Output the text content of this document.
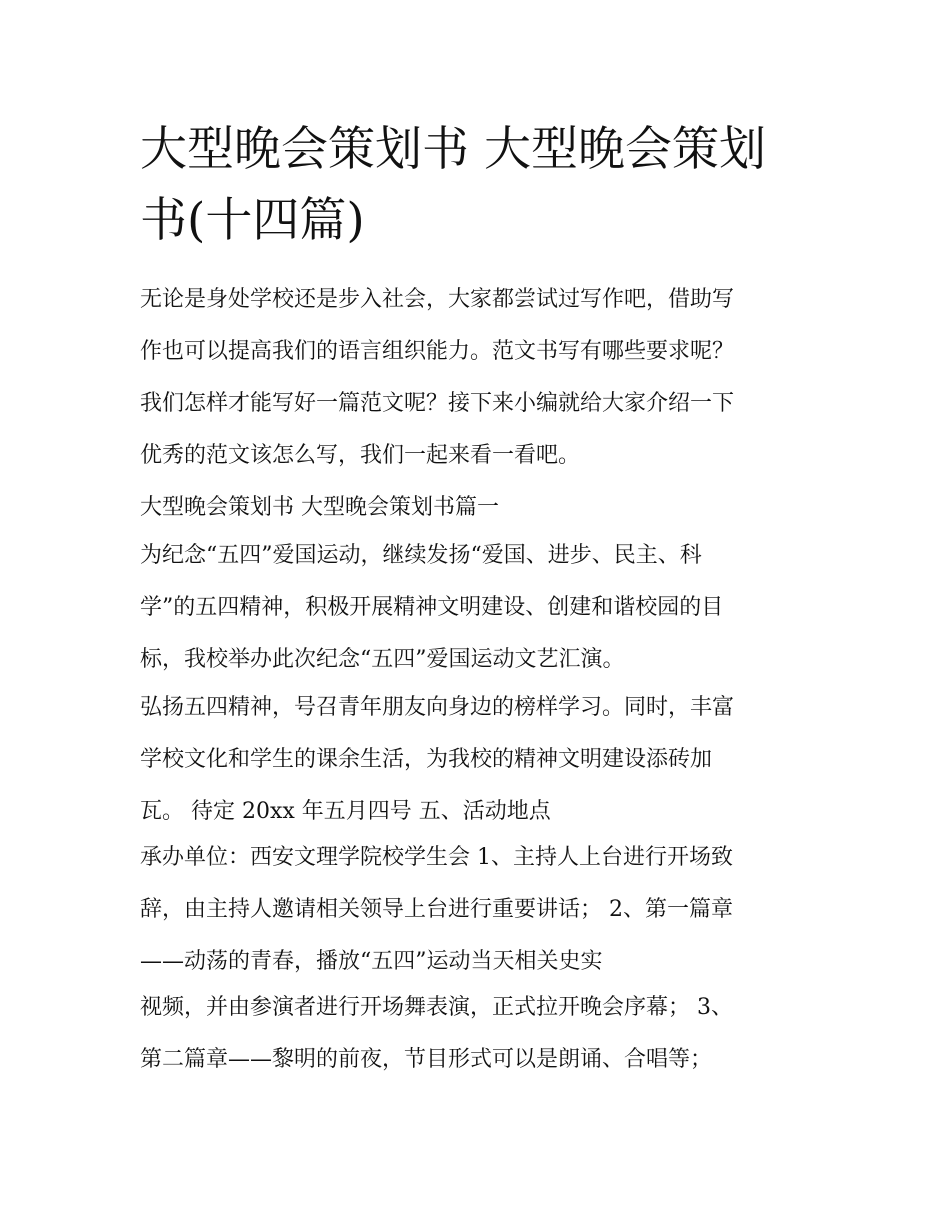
大型晚会策划书 大型晚会策划
书(十四篇)
无论是身处学校还是步入社会，大家都尝试过写作吧，借助写
作也可以提高我们的语言组织能力。范文书写有哪些要求呢？
我们怎样才能写好一篇范文呢？接下来小编就给大家介绍一下
优秀的范文该怎么写，我们一起来看一看吧。
大型晚会策划书 大型晚会策划书篇一
为纪念“五四”爱国运动，继续发扬“爱国、进步、民主、科
学”的五四精神，积极开展精神文明建设、创建和谐校园的目
标，我校举办此次纪念“五四”爱国运动文艺汇演。
弘扬五四精神，号召青年朋友向身边的榜样学习。同时，丰富
学校文化和学生的课余生活，为我校的精神文明建设添砖加
瓦。 待定 20xx 年五月四号 五、活动地点
承办单位：西安文理学院校学生会 1、主持人上台进行开场致
辞，由主持人邀请相关领导上台进行重要讲话； 2、第一篇章
——动荡的青春，播放“五四”运动当天相关史实
视频，并由参演者进行开场舞表演，正式拉开晚会序幕； 3、
第二篇章——黎明的前夜，节目形式可以是朗诵、合唱等；
